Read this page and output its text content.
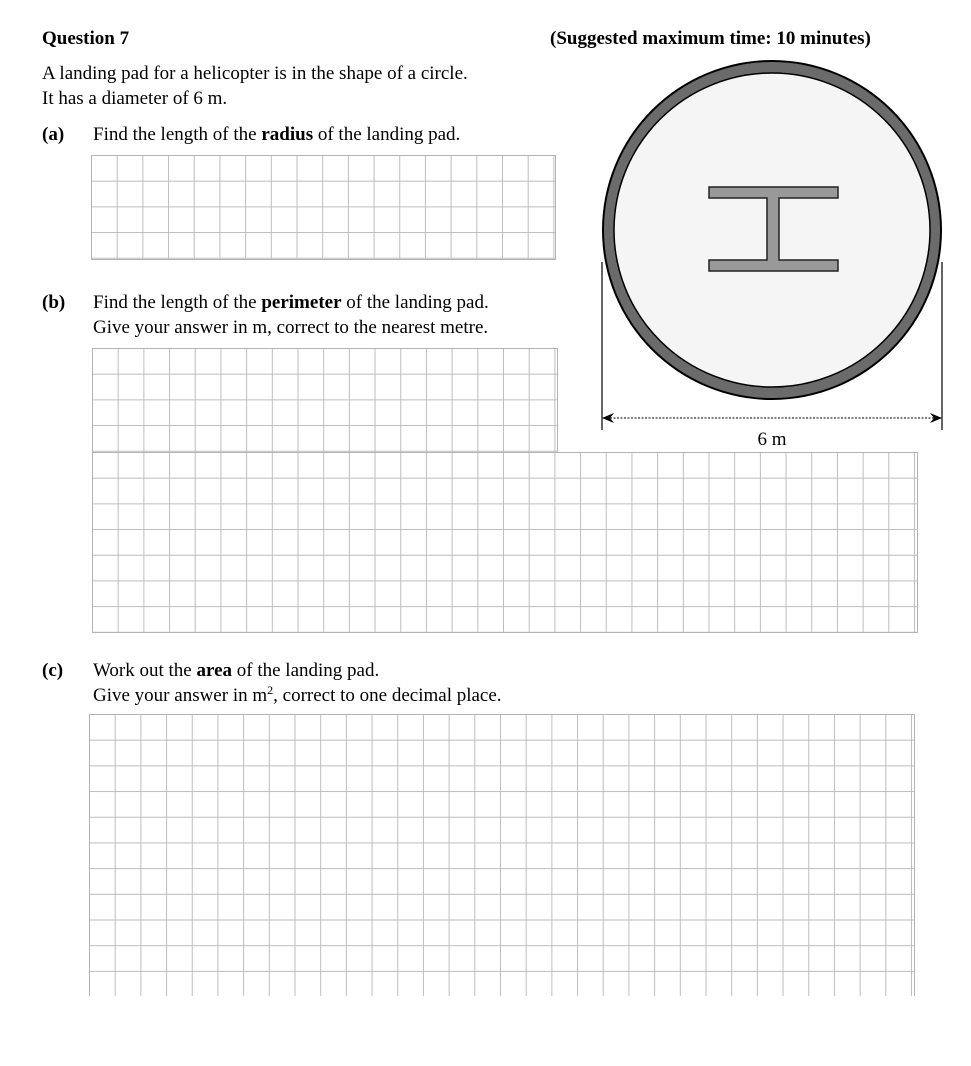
Question 7	(Suggested maximum time: 10 minutes)
A landing pad for a helicopter is in the shape of a circle.
It has a diameter of 6 m.
(a) Find the length of the radius of the landing pad.
(b) Find the length of the perimeter of the landing pad.
Give your answer in m, correct to the nearest metre.
(c) Work out the area of the landing pad.
Give your answer in $m^2$, correct to one decimal place.
6 m
